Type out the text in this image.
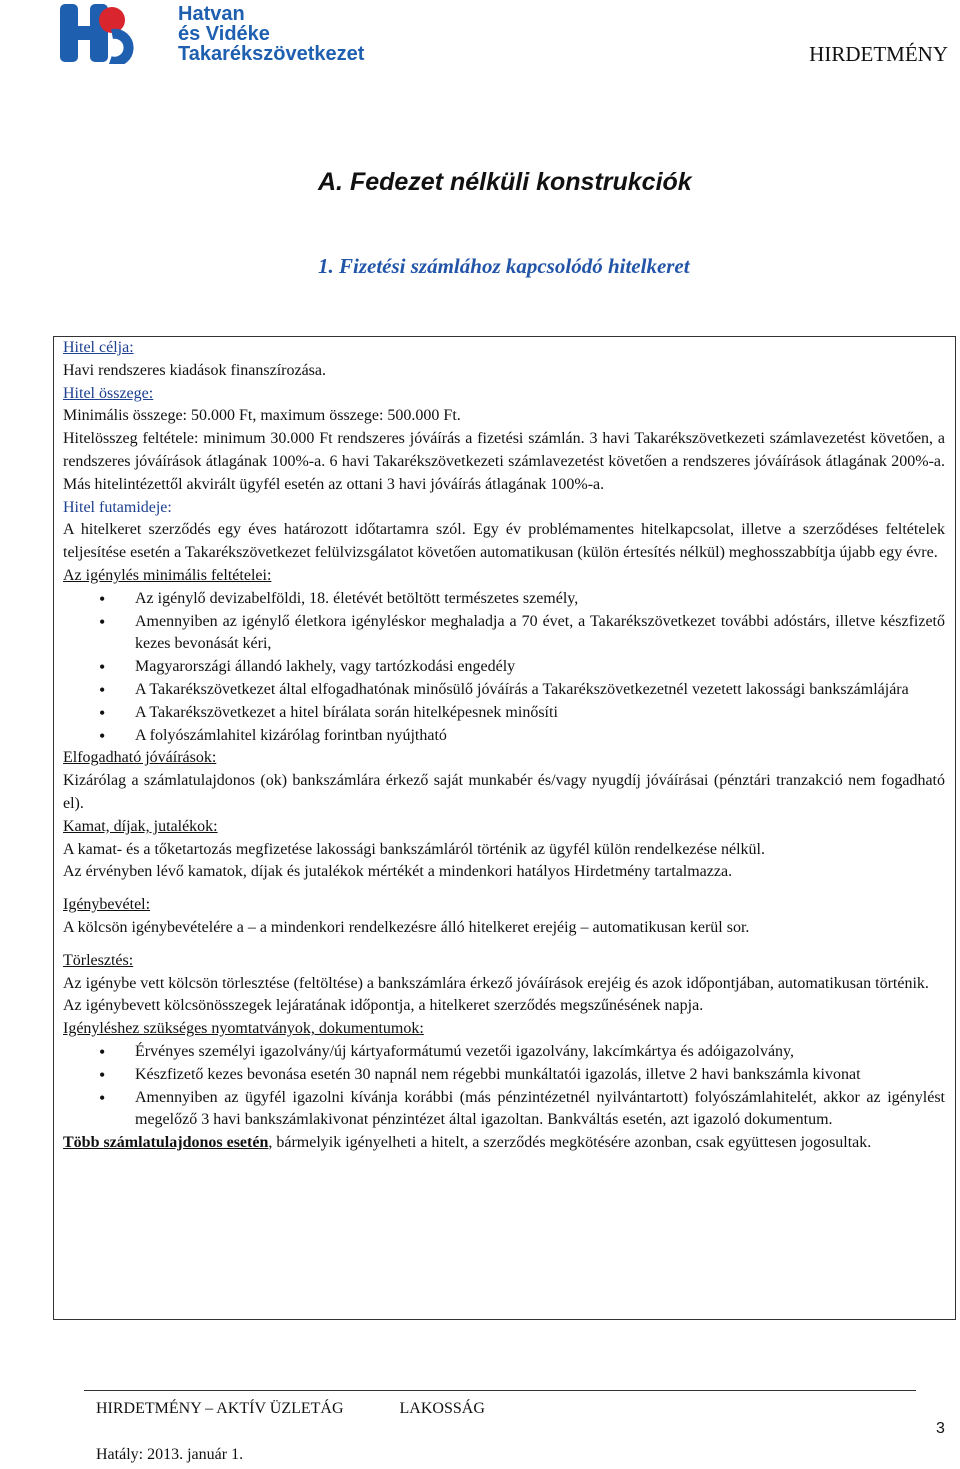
Hatvan
és Vidéke
Takarékszövetkezet	HIRDETMÉNY
A. Fedezet nélküli konstrukciók
1. Fizetési számlához kapcsolódó hitelkeret

Hitel célja:

Havi rendszeres kiadások finanszírozása.

Hitel összege:

Minimális összege: 50.000 Ft, maximum összege: 500.000 Ft.

Hitelösszeg feltétele: minimum 30.000 Ft rendszeres jóváírás a fizetési számlán. 3 havi Takarékszövetkezeti számlavezetést követően, a rendszeres jóváírások átlagának 100%-a. 6 havi Takarékszövetkezeti számlavezetést követően a rendszeres jóváírások átlagának 200%-a. Más hitelintézettől akvirált ügyfél esetén az ottani 3 havi jóváírás átlagának 100%-a.

Hitel futamideje:

A hitelkeret szerződés egy éves határozott időtartamra szól. Egy év problémamentes hitelkapcsolat, illetve a szerződéses feltételek teljesítése esetén a Takarékszövetkezet felülvizsgálatot követően automatikusan (külön értesítés nélkül) meghosszabbítja újabb egy évre.

Az igénylés minimális feltételei:

• Az igénylő devizabelföldi, 18. életévét betöltött természetes személy,
• Amennyiben az igénylő életkora igényléskor meghaladja a 70 évet, a Takarékszövetkezet további adóstárs, illetve készfizető kezes bevonását kéri,
• Magyarországi állandó lakhely, vagy tartózkodási engedély
• A Takarékszövetkezet által elfogadhatónak minősülő jóváírás a Takarékszövetkezetnél vezetett lakossági bankszámlájára
• A Takarékszövetkezet a hitel bírálata során hitelképesnek minősíti
• A folyószámlahitel kizárólag forintban nyújtható

Elfogadható jóváírások:

Kizárólag a számlatulajdonos (ok) bankszámlára érkező saját munkabér és/vagy nyugdíj jóváírásai (pénztári tranzakció nem fogadható el).

Kamat, díjak, jutalékok:

A kamat- és a tőketartozás megfizetése lakossági bankszámláról történik az ügyfél külön rendelkezése nélkül.

Az érvényben lévő kamatok, díjak és jutalékok mértékét a mindenkori hatályos Hirdetmény tartalmazza.

Igénybevétel:

A kölcsön igénybevételére a – a mindenkori rendelkezésre álló hitelkeret erejéig – automatikusan kerül sor.

Törlesztés:

Az igénybe vett kölcsön törlesztése (feltöltése) a bankszámlára érkező jóváírások erejéig és azok időpontjában, automatikusan történik.

Az igénybevett kölcsönösszegek lejáratának időpontja, a hitelkeret szerződés megszűnésének napja.

Igényléshez szükséges nyomtatványok, dokumentumok:

• Érvényes személyi igazolvány/új kártyaformátumú vezetői igazolvány, lakcímkártya és adóigazolvány,
• Készfizető kezes bevonása esetén 30 napnál nem régebbi munkáltatói igazolás, illetve 2 havi bankszámla kivonat
• Amennyiben az ügyfél igazolni kívánja korábbi (más pénzintézetnél nyilvántartott) folyószámlahitelét, akkor az igénylést megelőző 3 havi bankszámlakivonat pénzintézet által igazoltan. Bankváltás esetén, azt igazoló dokumentum.

Több számlatulajdonos esetén, bármelyik igényelheti a hitelt, a szerződés megkötésére azonban, csak együttesen jogosultak.

HIRDETMÉNY – AKTÍV ÜZLETÁG	LAKOSSÁG
Hatály: 2013. január 1.
3
